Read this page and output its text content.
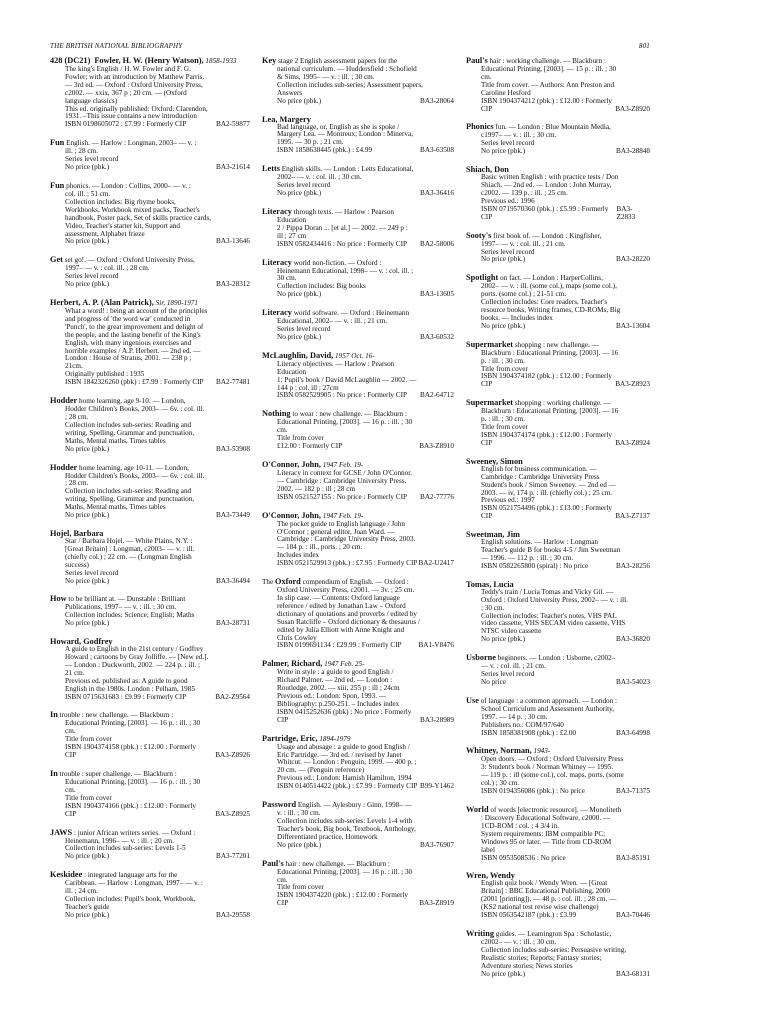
THE BRITISH NATIONAL BIBLIOGRAPHY	801
428 (DC21) Fowler, H. W. (Henry Watson), 1858-1933
The king's English / H. W. Fowler and F. G.
Fowler; with an introduction by Matthew Parris.
— 3rd ed. — Oxford : Oxford University Press,
c2002. — xxix, 367 p ; 20 cm. — (Oxford
language classics)
This ed. originally published: Oxford: Clarendon,
1931. –This issue contains a new introduction
ISBN 0198605072 : £7.99 : Formerly CIP	BA2-59877
Fun English. — Harlow : Longman, 2003– — v. :
ill. ; 28 cm.
Series level record
No price (pbk.)	BA3-21614
Fun phonics. — London : Collins, 2000– — v. :
col. ill. ; 51 cm.
Collection includes: Big rhyme books,
Workbooks, Workbook mixed packs, Teacher's
handbook, Poster pack, Set of skills practice cards,
Video, Teacher's starter kit, Support and
assessment, Alphabet frieze
No price (pbk.)	BA3-13646
Get set go!. — Oxford : Oxford University Press,
1997– — v. : col. ill. ; 28 cm.
Series level record
No price (pbk.)	BA3-28312
Herbert, A. P. (Alan Patrick), Sir, 1890-1971
What a word! : being an account of the principles
and progress of 'the word war' conducted in
'Punch', to the great improvement and delight of
the people, and the lasting benefit of the King's
English, with many ingenious exercises and
horrible examples / A.P. Herbert. — 2nd ed. —
London : House of Stratus, 2001. — 238 p ;
21cm.
Originally published : 1935
ISBN 1842326260 (pbk) : £7.99 : Formerly CIP BA2-77481
Hodder home learning, age 9-10. — London,
Hodder Children's Books, 2003– — 6v. : col. ill.
; 28 cm.
Collection includes sub-series: Reading and
writing, Spelling, Grammar and punctuation,
Maths, Mental maths, Times tables
No price (pbk.)	BA3-53908
Hodder home learning, age 10-11. — London,
Hodder Children's Books, 2003– — 6v. : col. ill.
; 28 cm.
Collection includes sub-series: Reading and
writing, Spelling, Grammar and punctuation,
Maths, Mental maths, Times tables
No price (pbk.)	BA3-73449
Hojel, Barbara
Star / Barbara Hojel. — White Plains, N.Y. :
[Great Britain] : Longman, c2003– — v. : ill.
(chiefly col.) ; 22 cm. — (Longman English
success)
Series level record
No price (pbk.)	BA3-36494
How to be brilliant at. — Dunstable : Brilliant
Publications, 1997– — v. : ill. ; 30 cm.
Collection includes: Science; English; Maths
No price (pbk.)	BA3-28731
Howard, Godfrey
A guide to English in the 21st century / Godfrey
Howard ; cartoons by Gray Jolliffe. — [New ed.].
— London : Duckworth, 2002. — 224 p. : ill. ;
21 cm.
Previous ed. published as: A guide to good
English in the 1980s. London : Pelham, 1985
ISBN 0715631683 : £9.99 : Formerly CIP	BA2-Z9564
In trouble : new challenge. — Blackburn :
Educational Printing, [2003]. — 16 p. : ill. ; 30
cm.
Title from cover
ISBN 1904374158 (pbk.) : £12.00 : Formerly
CIP	BA3-Z8926
In trouble : super challenge. — Blackburn :
Educational Printing, [2003]. — 16 p. : ill. ; 30
cm.
Title from cover
ISBN 1904374166 (pbk.) : £12.00 : Formerly
CIP	BA3-Z8925
JAWS : junior African writers series. — Oxford :
Heinemann, 1996– — v. : ill. ; 20 cm.
Collection includes sub-series: Levels 1-5
No price (pbk.)	BA3-77201
Keskidee : integrated language arts for the
Caribbean. — Harlow : Longman, 1997– — v. :
ill. ; 24 cm.
Collection includes: Pupil's book, Workbook,
Teacher's guide
No price (pbk.)	BA3-29558
Key stage 2 English assessment papers for the
national curriculum. — Huddersfield : Schofield
& Sims, 1995– — v. : ill. ; 30 cm.
Collection includes sub-series; Assessment papers,
Answers
No price (pbk.)	BA3-28064
Lea, Margery
Bad language, or, English as she is spoke /
Margery Lea. — Montreux; London : Minerva,
1995. — 30 p. ; 21 cm.
ISBN 1858638445 (pbk.) : £4.99	BA3-63508
Letts English skills. — London : Letts Educational,
2002– — v. : col. ill. ; 30 cm.
Series level record
No price (pbk.)	BA3-36416
Literacy through texts. — Harlow : Pearson
Education
2 / Pippa Doran ... [et al.] — 2002. — 249 p :
ill ; 27 cm
ISBN 0582434416 : No price : Formerly CIP BA2-58006
Literacy world non-fiction. — Oxford :
Heinemann Educational, 1998– — v. : col. ill. ;
30 cm.
Collection includes: Big books
No price (pbk.)	BA3-13605
Literacy world software. — Oxford : Heinemann
Educational, 2002– — v. : ill. ; 21 cm.
Series level record
No price (pbk.)	BA3-60532
McLaughlin, David, 1957 Oct. 16-
Literacy objectives. — Harlow : Pearson
Education
1: Pupil's book / David McLaughlin — 2002. —
144 p : col. ill ; 27cm
ISBN 0582529905 : No price : Formerly CIP BA2-64712
Nothing to wear : new challenge. — Blackburn :
Educational Printing, [2003]. — 16 p. : ill. ; 30
cm.
Title from cover
£12.00 : Formerly CIP	BA3-Z8910
O'Connor, John, 1947 Feb. 19-
Literacy in context for GCSE / John O'Connor.
— Cambridge : Cambridge University Press,
2002. — 182 p : ill ; 28 cm
ISBN 0521527155 : No price : Formerly CIP BA2-77776
O'Connor, John, 1947 Feb. 19-
The pocket guide to English language / John
O'Connor ; general editor, Joan Ward. —
Cambridge : Cambridge University Press, 2003.
— 184 p. : ill., ports. ; 20 cm.
Includes index
ISBN 0521529913 (pbk.) : £7.95 : Formerly CIP BA2-U2417
The Oxford compendium of English. — Oxford :
Oxford University Press, c2001. — 3v. ; 25 cm.
In slip case. — Contents: Oxford language
reference / edited by Jonathan Law – Oxford
dictionary of quotations and proverbs / edited by
Susan Ratcliffe – Oxford dictionary & thesaurus /
edited by Julia Elliott with Anne Knight and
Chris Cowley
ISBN 0199691134 : £29.99 : Formerly CIP BA1-V8476
Palmer, Richard, 1947 Feb. 25-
Write in style : a guide to good English /
Richard Palmer. — 2nd ed. — London :
Routledge, 2002. — xiii, 255 p : ill ; 24cm
Previous ed.: London: Spon, 1993. —
Bibliography: p.250-251. – Includes index
ISBN 0415252636 (pbk) : No price : Formerly
CIP	BA3-28989
Partridge, Eric, 1894-1979
Usage and abusage : a guide to good English /
Eric Partridge. — 3rd ed. / revised by Janet
Whitcut. — London : Penguin, 1999. — 400 p. ;
20 cm. — (Penguin reference)
Previous ed.: London: Hamish Hamilton, 1994
ISBN 0140514422 (pbk.) : £7.99 : Formerly CIP B99-Y1462
Password English. — Aylesbury : Ginn, 1998– —
v. : ill. ; 30 cm.
Collection includes sub-series: Levels 1-4 with
Teacher's book, Big book, Textbook, Anthology,
Differentiated practice, Homework
No price (pbk.)	BA3-76907
Paul's hair : new challenge. — Blackburn :
Educational Printing, [2003]. — 16 p. : ill. ; 30
cm.
Title from cover
ISBN 1904374220 (pbk.) : £12.00 : Formerly
CIP	BA3-Z8919
Paul's hair : working challenge. — Blackburn :
Educational Printing, [2003]. — 15 p. : ill. ; 30
cm.
Title from cover. — Authors: Ann Preston and
Caroline Hesford
ISBN 1904374212 (pbk.) : £12.00 : Formerly
CIP	BA3-Z8920
Phonics fun. — London : Blue Mountain Media,
c1997– — v. : ill. ; 30 cm.
Series level record
No price (pbk.)	BA3-28848
Shiach, Don
Basic written English : with practice tests / Don
Shiach. — 2nd ed. — London : John Murray,
c2002. — 139 p. : ill. ; 25 cm.
Previous ed.: 1996
ISBN 0719570360 (pbk.) : £5.99 : Formerly CIP
BA3-Z2833
Sooty's first book of. — London : Kingfisher,
1997– — v. : col. ill. ; 21 cm.
Series level record
No price (pbk.)	BA3-28220
Spotlight on fact. — London : HarperCollins,
2002– — v. : ill. (some col.), maps (some col.),
ports. (some col.) ; 21-51 cm.
Collection includes: Core readers, Teacher's
resource books, Writing frames, CD-ROMs, Big
books. — Includes index
No price (pbk.)	BA3-13604
Supermarket shopping : new challenge. —
Blackburn : Educational Printing, [2003]. — 16
p. : ill. ; 30 cm.
Title from cover
ISBN 1904374182 (pbk.) : £12.00 : Formerly
CIP	BA3-Z8923
Supermarket shopping : working challenge. —
Blackburn : Educational Printing, [2003]. — 16
p. : ill. ; 30 cm.
Title from cover
ISBN 1904374174 (pbk.) : £12.00 : Formerly
CIP	BA3-Z8924
Sweeney, Simon
English for business communication. —
Cambridge : Cambridge University Press
Student's book / Simon Sweeney. — 2nd ed —
2003. — iv, 174 p. : ill. (chiefly col.) ; 25 cm.
Previous ed.: 1997
ISBN 0521754496 (pbk.) : £13.00 : Formerly
CIP	BA3-Z7137
Sweetman, Jim
English solutions. — Harlow : Longman
Teacher's guide B for books 4-5 / Jim Sweetman
— 1996. — 112 p. : ill. ; 30 cm.
ISBN 0582265800 (spiral) : No price	BA3-28256
Tomas, Lucia
Teddy's train / Lucia Tomas and Vicky Gil. —
Oxford : Oxford University Press, 2002– — v. : ill.
; 30 cm.
Collection includes: Teacher's notes, VHS PAL
video cassette, VHS SECAM video cassette, VHS
NTSC video cassette
No price (pbk.)	BA3-36820
Usborne beginners. — London : Usborne, c2002–
— v. : col. ill. ; 21 cm.
Series level record
No price	BA3-54023
Use of language : a common approach. — London :
School Curriculum and Assessment Authority,
1997. — 14 p. ; 30 cm.
Publishers no.: COM/97/640
ISBN 1858381908 (pbk.) : £2.00	BA3-64998
Whitney, Norman, 1943-
Open doors. — Oxford : Oxford University Press
3: Student's book / Norman Whitney — 1995.
— 119 p. : ill (some col.), col. maps, ports. (some
col.) ; 30 cm.
ISBN 0194356086 (pbk.) : No price	BA3-71375
World of words [electronic resource]. — Monoliteth
: Discovery Educational Software, c2000. —
1CD-ROM : col. ; 4 3/4 in.
System requirements: IBM compatible PC;
Windows 95 or later. — Title from CD-ROM
label
ISBN 0953508536 : No price	BA3-85191
Wren, Wendy
English quiz book / Wendy Wren. — [Great
Britain] : BBC Educational Publishing, 2000
(2001 [printing]). — 48 p. : col. ill. ; 28 cm. —
(KS2 national test revise wise challenge)
ISBN 0563542187 (pbk.) : £3.99	BA3-70446
Writing guides. — Leamington Spa : Scholastic,
c2002– — v. : ill. ; 30 cm.
Collection includes sub-series: Persuasive writing,
Realistic stories; Reports; Fantasy stories;
Adventure stories; News stories
No price (pbk.)	BA3-68131
